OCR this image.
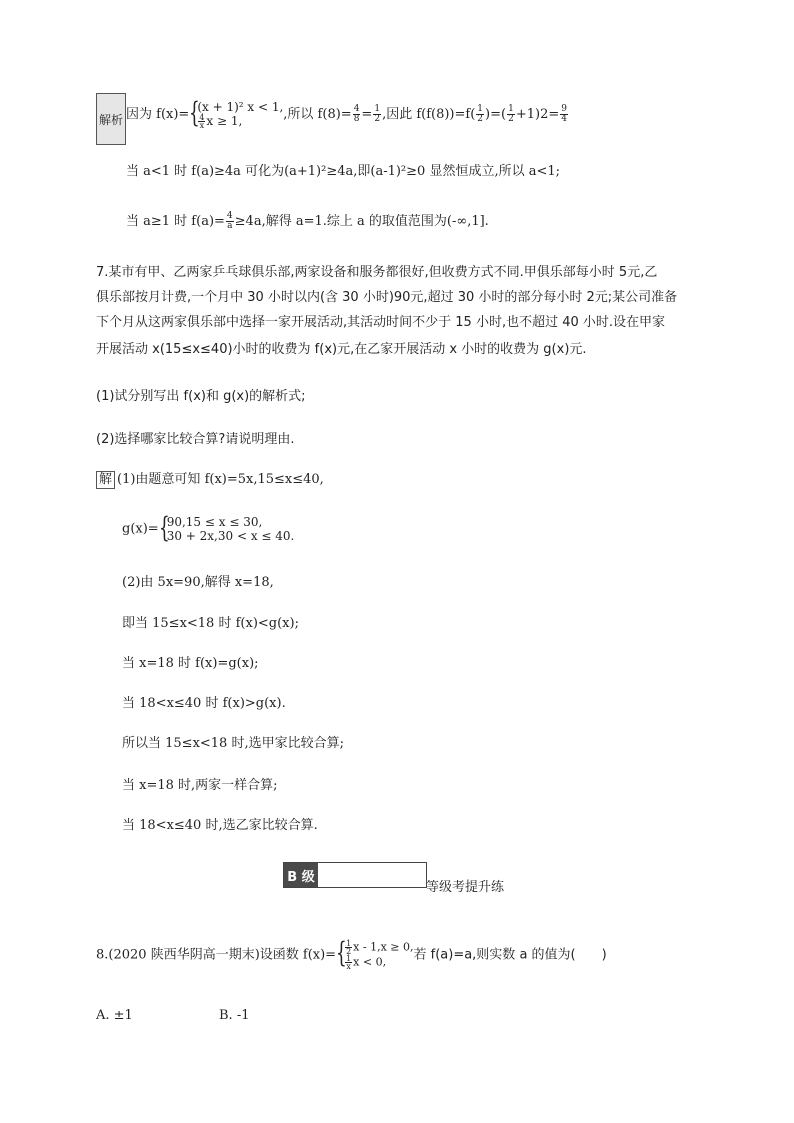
解析 因为 f(x)= {
(x + 1)² x < 1,
$\frac{4}{x}$ x ≥ 1,	,所以 $f(8)= \frac{4}{8} = \frac{1}{2}$ ,因此 $f(f(8))=f( \frac{1}{2}$ )=( $\frac{1}{2} +1)2= \frac{9}{4}$
当 a<1 时 f(a)≥4a 可化为(a+1)²≥4a,即(a-1)²≥0 显然恒成立,所以 a<1;
当 a≥1 时 $f(a)= \frac{4}{a} \ge 4a$,解得 a=1.综上 a 的取值范围为(-∞,1].
7.某市有甲、乙两家乒乓球俱乐部,两家设备和服务都很好,但收费方式不同.甲俱乐部每小时 5元,乙
俱乐部按月计费,一个月中 30 小时以内(含 30 小时)90元,超过 30 小时的部分每小时 2元;某公司准备
下个月从这两家俱乐部中选择一家开展活动,其活动时间不少于 15 小时,也不超过 40 小时.设在甲家
开展活动 x(15≤x≤40)小时的收费为 f(x)元,在乙家开展活动 x 小时的收费为 g(x)元.
(1)试分别写出 f(x)和 g(x)的解析式;
(2)选择哪家比较合算?请说明理由.
解 (1)由题意可知 f(x)=5x,15≤x≤40,
g(x)= {
90,15 ≤ x ≤ 30,
30 + 2x,30 < x ≤ 40.
(2)由 5x=90,解得 x=18,
即当 15≤x<18 时 f(x)<g(x);
当 x=18 时 f(x)=g(x);
当 18<x≤40 时 f(x)>g(x).
所以当 15≤x<18 时,选甲家比较合算;
当 x=18 时,两家一样合算;
当 18<x≤40 时,选乙家比较合算.
B 级
等级考提升练
8.(2020 陕西华阴高一期末)设函数 f(x)= {
$\frac{1}{2}$ x - 1,x ≥ 0,
$\frac{1}{x}$ x < 0,	若 f(a)=a,则实数 a 的值为(　　)
A. ±1	B. -1
